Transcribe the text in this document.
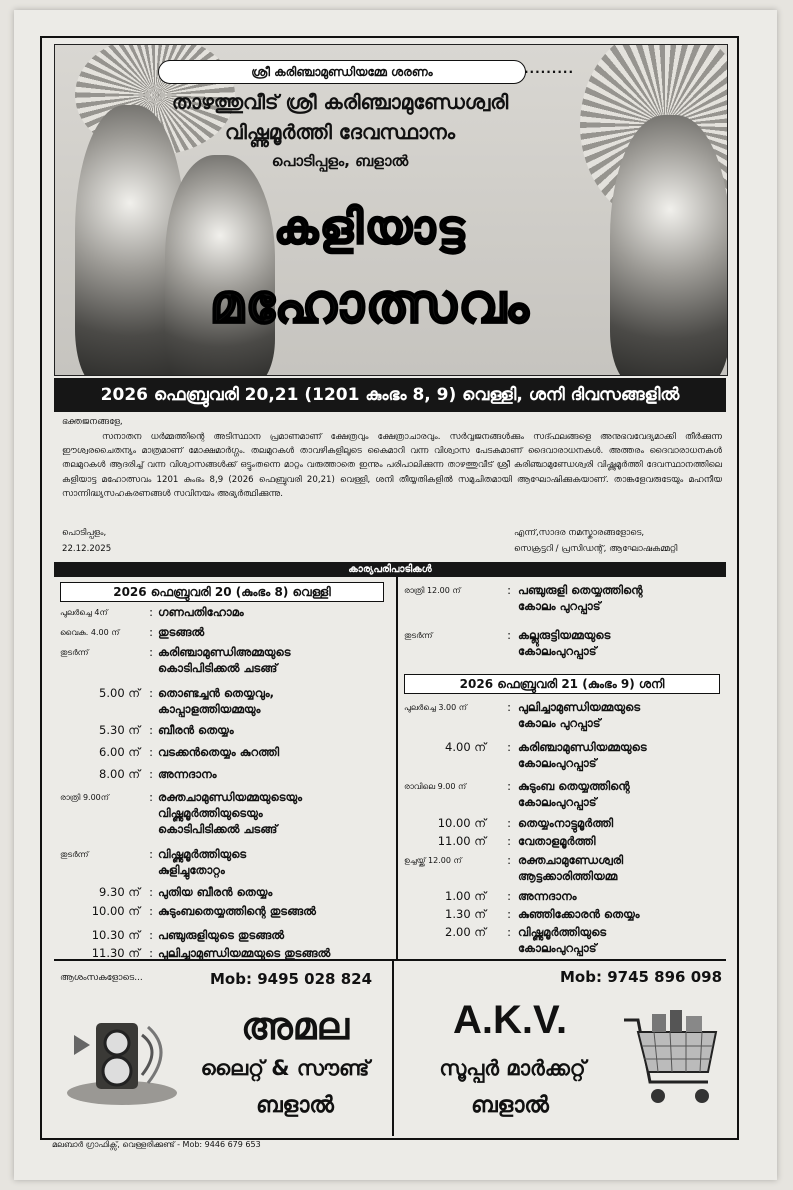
ശ്രീ കരിഞ്ചാമുണ്ഡിയമ്മേ ശരണം	.........
താഴത്തുവീട് ശ്രീ കരിഞ്ചാമുണ്ഡേശ്വരി
വിഷ്ണുമൂർത്തി ദേവസ്ഥാനം
പൊടിപ്പളം, ബളാൽ
കളിയാട്ട
മഹോത്സവം
2026 ഫെബ്രുവരി 20,21 (1201 കുംഭം 8, 9) വെള്ളി, ശനി ദിവസങ്ങളിൽ
ഭക്തജനങ്ങളേ,
സനാതന ധർമ്മത്തിന്റെ അടിസ്ഥാന പ്രമാണമാണ് ക്ഷേത്രവും ക്ഷേത്രാചാരവും. സർവ്വജനങ്ങൾക്കും സദ്ഫലങ്ങളെ അനുഭവവേദ്യമാക്കി തീർക്കുന്ന ഈശ്വരചൈതന്യം മാത്രമാണ് മോക്ഷമാർഗ്ഗം. തലമുറകൾ താവഴികളിലൂടെ കൈമാറി വന്ന വിശ്വാസ പേടകമാണ് ദൈവാരാധനകൾ. അത്തരം ദൈവാരാധനകൾ തലമുറകൾ ആദരിച്ച് വന്ന വിശ്വാസങ്ങൾക്ക് ഒട്ടുംതന്നെ മാറ്റം വരുത്താതെ ഇന്നും പരിപാലിക്കുന്ന താഴത്തുവീട് ശ്രീ കരിഞ്ചാമുണ്ഡേശ്വരി വിഷ്ണുമൂർത്തി ദേവസ്ഥാനത്തിലെ കളിയാട്ട മഹോത്സവം 1201 കുംഭം 8,9 (2026 ഫെബ്രുവരി 20,21) വെള്ളി, ശനി തീയ്യതികളിൽ സമുചിതമായി ആഘോഷിക്കുകയാണ്. താങ്കളേവരുടേയും മഹനീയ സാന്നിദ്ധ്യസഹകരണങ്ങൾ സവിനയം അഭ്യർത്ഥിക്കുന്നു.
പൊടിപ്പളം,
22.12.2025
എന്ന്,സാദര നമസ്കാരങ്ങളോടെ,
സെക്രട്ടറി / പ്രസിഡന്റ്, ആഘോഷകമ്മറ്റി
കാര്യപരിപാടികൾ
2026 ഫെബ്രുവരി 20 (കുംഭം 8) വെള്ളി
2026 ഫെബ്രുവരി 21 (കുംഭം 9) ശനി
പുലർച്ചെ 4ന്	: ഗണപതിഹോമം
വൈകു. 4.00 ന്	: തുടങ്ങൽ
തുടർന്ന്	: കരിഞ്ചാമുണ്ഡിഅമ്മയുടെ
കൊടിപിടിക്കൽ ചടങ്ങ്
5.00 ന് : തൊണ്ടച്ചൻ തെയ്യവും,
കാപ്പാളത്തിയമ്മയും
5.30 ന് : ബീരൻ തെയ്യം
6.00 ന് : വടക്കൻതെയ്യം കുറത്തി
8.00 ന് : അന്നദാനം
രാത്രി 9.00ന്	: രക്തചാമുണ്ഡിയമ്മയുടെയും
വിഷ്ണുമൂർത്തിയുടെയും
കൊടിപിടിക്കൽ ചടങ്ങ്
തുടർന്ന്	: വിഷ്ണുമൂർത്തിയുടെ
കുളിച്ചുതോറ്റം
9.30 ന് : പുതിയ ബീരൻ തെയ്യം
10.00 ന് : കുടുംബതെയ്യത്തിന്റെ തുടങ്ങൽ
10.30 ന് : പഞ്ചുരുളിയുടെ തുടങ്ങൽ
11.30 ന് : പുലിച്ചാമുണ്ഡിയമ്മയുടെ തുടങ്ങൽ
രാത്രി 12.00 ന്	: പഞ്ചുരുളി തെയ്യത്തിന്റെ
കോലം പുറപ്പാട്
തുടർന്ന്	: കല്ലുരുട്ടിയമ്മയുടെ
കോലംപുറപ്പാട്
പുലർച്ചെ 3.00 ന്	: പുലിച്ചാമുണ്ഡിയമ്മയുടെ
കോലം പുറപ്പാട്
4.00 ന് : കരിഞ്ചാമുണ്ഡിയമ്മയുടെ
കോലംപുറപ്പാട്
രാവിലെ 9.00 ന്	: കുടുംബ തെയ്യത്തിന്റെ
കോലംപുറപ്പാട്
10.00 ന് : തെയ്യംനാട്ടുമൂർത്തി
11.00 ന് : വേതാളമൂർത്തി
ഉച്ചയ്ക്ക് 12.00 ന്	: രക്തചാമുണ്ഡേശ്വരി
ആട്ടക്കാരിത്തിയമ്മ
1.00 ന് : അന്നദാനം
1.30 ന് : കുഞ്ഞിക്കോരൻ തെയ്യം
2.00 ന് : വിഷ്ണുമൂർത്തിയുടെ
കോലംപുറപ്പാട്
ആശംസകളോടെ...	Mob: 9495 028 824
അമല
ലൈറ്റ് & സൗണ്ട്
ബളാൽ
Mob: 9745 896 098
A.K.V.
സൂപ്പർ മാർക്കറ്റ്
ബളാൽ
മലബാർ ഗ്രാഫിക്സ്, വെള്ളരിക്കുണ്ട് - Mob: 9446 679 653
